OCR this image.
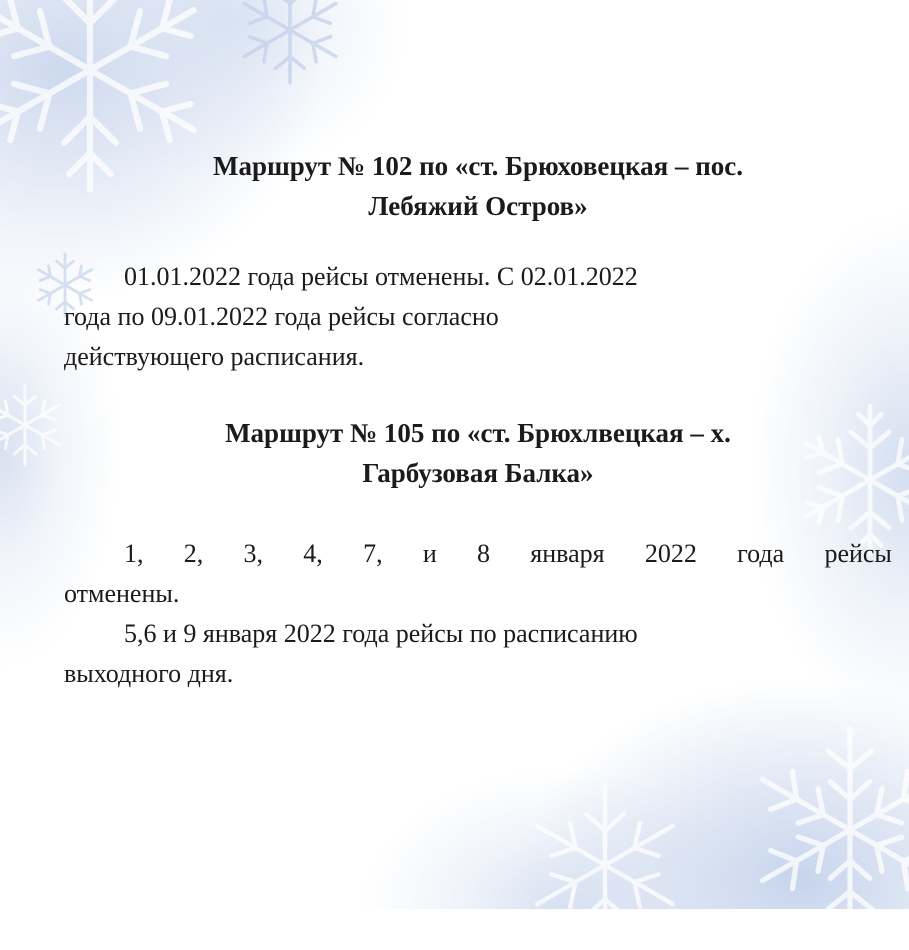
Маршрут № 102 по «ст. Брюховецкая – пос.
Лебяжий Остров»

01.01.2022 года рейсы отменены. С 02.01.2022
года по 09.01.2022 года рейсы согласно
действующего расписания.

Маршрут № 105 по «ст. Брюхлвецкая – х.
Гарбузовая Балка»

1, 2, 3, 4, 7, и 8 января 2022 года рейсы
отменены.
5,6 и 9 января 2022 года рейсы по расписанию
выходного дня.
